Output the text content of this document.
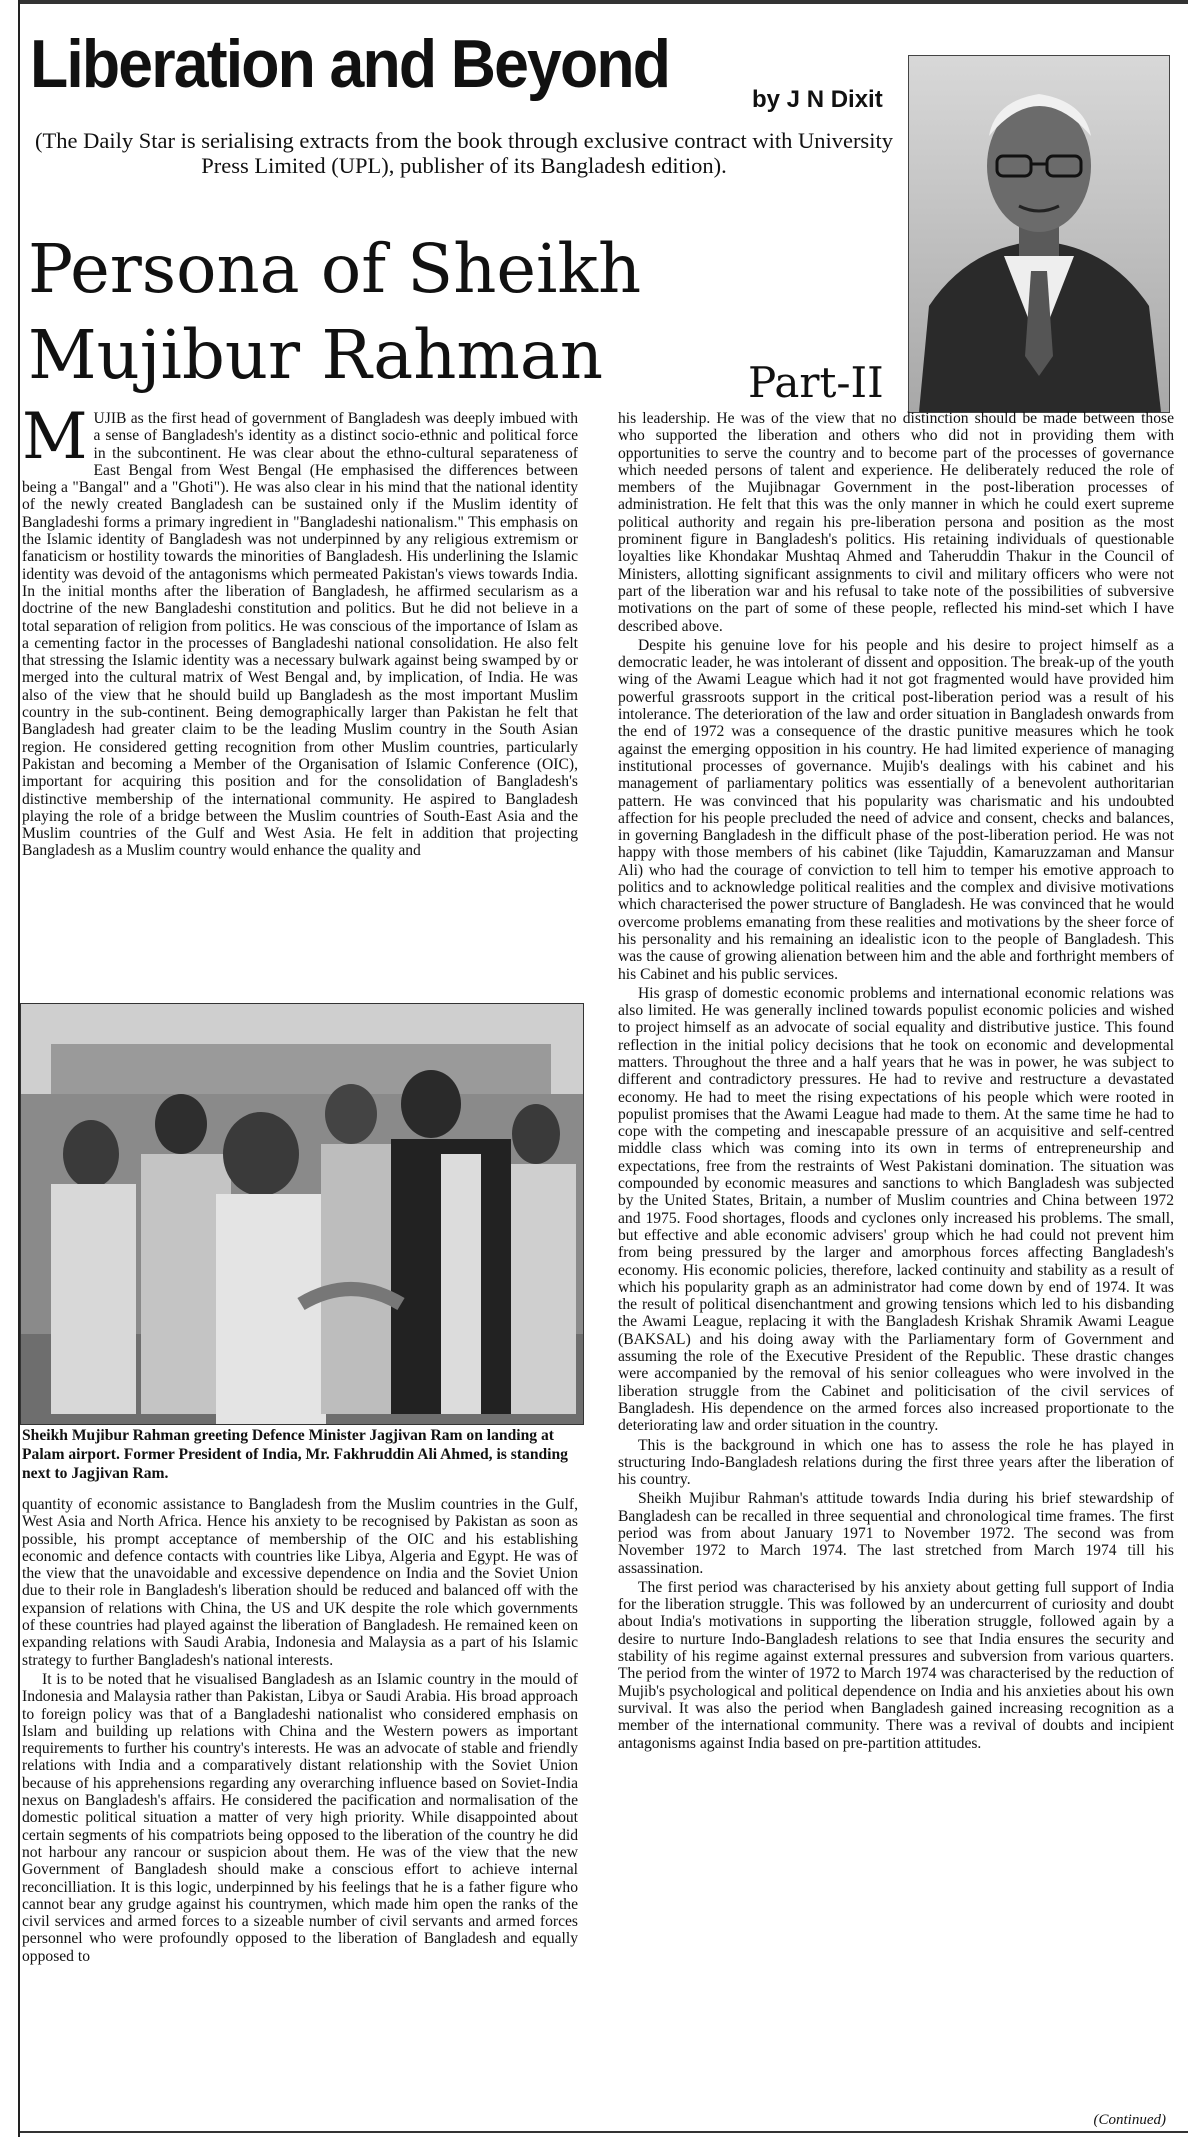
Liberation and Beyond	by J N Dixit
(The Daily Star is serialising extracts from the book through exclusive contract with University Press Limited (UPL), publisher of its Bangladesh edition).
Persona of Sheikh Mujibur Rahman	Part-II

MUJIB as the first head of government of Bangladesh was deeply imbued with a sense of Bangladesh's identity as a distinct socio-ethnic and political force in the subcontinent. He was clear about the ethno-cultural separateness of East Bengal from West Bengal (He emphasised the differences between being a "Bangal" and a "Ghoti"). He was also clear in his mind that the national identity of the newly created Bangladesh can be sustained only if the Muslim identity of Bangladeshi forms a primary ingredient in "Bangladeshi nationalism." This emphasis on the Islamic identity of Bangladesh was not underpinned by any religious extremism or fanaticism or hostility towards the minorities of Bangladesh. His underlining the Islamic identity was devoid of the antagonisms which permeated Pakistan's views towards India. In the initial months after the liberation of Bangladesh, he affirmed secularism as a doctrine of the new Bangladeshi constitution and politics. But he did not believe in a total separation of religion from politics. He was conscious of the importance of Islam as a cementing factor in the processes of Bangladeshi national consolidation. He also felt that stressing the Islamic identity was a necessary bulwark against being swamped by or merged into the cultural matrix of West Bengal and, by implication, of India. He was also of the view that he should build up Bangladesh as the most important Muslim country in the sub-continent. Being demographically larger than Pakistan he felt that Bangladesh had greater claim to be the leading Muslim country in the South Asian region. He considered getting recognition from other Muslim countries, particularly Pakistan and becoming a Member of the Organisation of Islamic Conference (OIC), important for acquiring this position and for the consolidation of Bangladesh's distinctive membership of the international community. He aspired to Bangladesh playing the role of a bridge between the Muslim countries of South-East Asia and the Muslim countries of the Gulf and West Asia. He felt in addition that projecting Bangladesh as a Muslim country would enhance the quality and

Sheikh Mujibur Rahman greeting Defence Minister Jagjivan Ram on landing at Palam airport. Former President of India, Mr. Fakhruddin Ali Ahmed, is standing next to Jagjivan Ram.

quantity of economic assistance to Bangladesh from the Muslim countries in the Gulf, West Asia and North Africa. Hence his anxiety to be recognised by Pakistan as soon as possible, his prompt acceptance of membership of the OIC and his establishing economic and defence contacts with countries like Libya, Algeria and Egypt. He was of the view that the unavoidable and excessive dependence on India and the Soviet Union due to their role in Bangladesh's liberation should be reduced and balanced off with the expansion of relations with China, the US and UK despite the role which governments of these countries had played against the liberation of Bangladesh. He remained keen on expanding relations with Saudi Arabia, Indonesia and Malaysia as a part of his Islamic strategy to further Bangladesh's national interests.

It is to be noted that he visualised Bangladesh as an Islamic country in the mould of Indonesia and Malaysia rather than Pakistan, Libya or Saudi Arabia. His broad approach to foreign policy was that of a Bangladeshi nationalist who considered emphasis on Islam and building up relations with China and the Western powers as important requirements to further his country's interests. He was an advocate of stable and friendly relations with India and a comparatively distant relationship with the Soviet Union because of his apprehensions regarding any overarching influence based on Soviet-India nexus on Bangladesh's affairs. He considered the pacification and normalisation of the domestic political situation a matter of very high priority. While disappointed about certain segments of his compatriots being opposed to the liberation of the country he did not harbour any rancour or suspicion about them. He was of the view that the new Government of Bangladesh should make a conscious effort to achieve internal reconcilliation. It is this logic, underpinned by his feelings that he is a father figure who cannot bear any grudge against his countrymen, which made him open the ranks of the civil services and armed forces to a sizeable number of civil servants and armed forces personnel who were profoundly opposed to the liberation of Bangladesh and equally opposed to

his leadership. He was of the view that no distinction should be made between those who supported the liberation and others who did not in providing them with opportunities to serve the country and to become part of the processes of governance which needed persons of talent and experience. He deliberately reduced the role of members of the Mujibnagar Government in the post-liberation processes of administration. He felt that this was the only manner in which he could exert supreme political authority and regain his pre-liberation persona and position as the most prominent figure in Bangladesh's politics. His retaining individuals of questionable loyalties like Khondakar Mushtaq Ahmed and Taheruddin Thakur in the Council of Ministers, allotting significant assignments to civil and military officers who were not part of the liberation war and his refusal to take note of the possibilities of subversive motivations on the part of some of these people, reflected his mind-set which I have described above.

Despite his genuine love for his people and his desire to project himself as a democratic leader, he was intolerant of dissent and opposition. The break-up of the youth wing of the Awami League which had it not got fragmented would have provided him powerful grassroots support in the critical post-liberation period was a result of his intolerance. The deterioration of the law and order situation in Bangladesh onwards from the end of 1972 was a consequence of the drastic punitive measures which he took against the emerging opposition in his country. He had limited experience of managing institutional processes of governance. Mujib's dealings with his cabinet and his management of parliamentary politics was essentially of a benevolent authoritarian pattern. He was convinced that his popularity was charismatic and his undoubted affection for his people precluded the need of advice and consent, checks and balances, in governing Bangladesh in the difficult phase of the post-liberation period. He was not happy with those members of his cabinet (like Tajuddin, Kamaruzzaman and Mansur Ali) who had the courage of conviction to tell him to temper his emotive approach to politics and to acknowledge political realities and the complex and divisive motivations which characterised the power structure of Bangladesh. He was convinced that he would overcome problems emanating from these realities and motivations by the sheer force of his personality and his remaining an idealistic icon to the people of Bangladesh. This was the cause of growing alienation between him and the able and forthright members of his Cabinet and his public services.

His grasp of domestic economic problems and international economic relations was also limited. He was generally inclined towards populist economic policies and wished to project himself as an advocate of social equality and distributive justice. This found reflection in the initial policy decisions that he took on economic and developmental matters. Throughout the three and a half years that he was in power, he was subject to different and contradictory pressures. He had to revive and restructure a devastated economy. He had to meet the rising expectations of his people which were rooted in populist promises that the Awami League had made to them. At the same time he had to cope with the competing and inescapable pressure of an acquisitive and self-centred middle class which was coming into its own in terms of entrepreneurship and expectations, free from the restraints of West Pakistani domination. The situation was compounded by economic measures and sanctions to which Bangladesh was subjected by the United States, Britain, a number of Muslim countries and China between 1972 and 1975. Food shortages, floods and cyclones only increased his problems. The small, but effective and able economic advisers' group which he had could not prevent him from being pressured by the larger and amorphous forces affecting Bangladesh's economy. His economic policies, therefore, lacked continuity and stability as a result of which his popularity graph as an administrator had come down by end of 1974. It was the result of political disenchantment and growing tensions which led to his disbanding the Awami League, replacing it with the Bangladesh Krishak Shramik Awami League (BAKSAL) and his doing away with the Parliamentary form of Government and assuming the role of the Executive President of the Republic. These drastic changes were accompanied by the removal of his senior colleagues who were involved in the liberation struggle from the Cabinet and politicisation of the civil services of Bangladesh. His dependence on the armed forces also increased proportionate to the deteriorating law and order situation in the country.

This is the background in which one has to assess the role he has played in structuring Indo-Bangladesh relations during the first three years after the liberation of his country.

Sheikh Mujibur Rahman's attitude towards India during his brief stewardship of Bangladesh can be recalled in three sequential and chronological time frames. The first period was from about January 1971 to November 1972. The second was from November 1972 to March 1974. The last stretched from March 1974 till his assassination.

The first period was characterised by his anxiety about getting full support of India for the liberation struggle. This was followed by an undercurrent of curiosity and doubt about India's motivations in supporting the liberation struggle, followed again by a desire to nurture Indo-Bangladesh relations to see that India ensures the security and stability of his regime against external pressures and subversion from various quarters. The period from the winter of 1972 to March 1974 was characterised by the reduction of Mujib's psychological and political dependence on India and his anxieties about his own survival. It was also the period when Bangladesh gained increasing recognition as a member of the international community. There was a revival of doubts and incipient antagonisms against India based on pre-partition attitudes.

(Continued)
